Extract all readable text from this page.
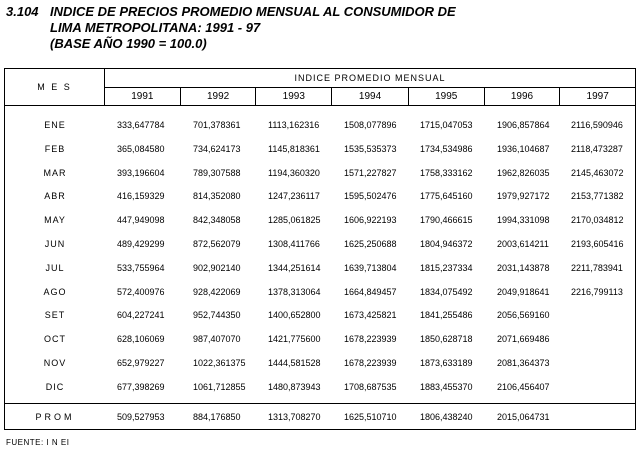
3.104 INDICE DE PRECIOS PROMEDIO MENSUAL AL CONSUMIDOR DE
LIMA METROPOLITANA: 1991 - 97
(BASE AÑO 1990 = 100.0)
M E S
INDICE PROMEDIO MENSUAL
1991	1992	1993	1994	1995	1996	1997
ENE	333,647784	701,378361	1113,162316	1508,077896	1715,047053	1906,857864 2116,590946
FEB	365,084580	734,624173	1145,818361	1535,535373	1734,534986	1936,104687 2118,473287
MAR	393,196604	789,307588	1194,360320	1571,227827	1758,333162	1962,826035 2145,463072
ABR	416,159329	814,352080	1247,236117	1595,502476	1775,645160	1979,927172 2153,771382
MAY	447,949098	842,348058	1285,061825	1606,922193	1790,466615	1994,331098 2170,034812
JUN	489,429299	872,562079	1308,411766	1625,250688	1804,946372	2003,614211 2193,605416
JUL	533,755964	902,902140	1344,251614	1639,713804	1815,237334	2031,143878 2211,783941
AGO	572,400976	928,422069	1378,313064	1664,849457	1834,075492	2049,918641 2216,799113
SET	604,227241	952,744350	1400,652800	1673,425821	1841,255486	2056,569160
OCT	628,106069	987,407070	1421,775600	1678,223939	1850,628718	2071,669486
NOV	652,979227	1022,361375 1444,581528	1678,223939	1873,633189	2081,364373
DIC	677,398269	1061,712855 1480,873943	1708,687535	1883,455370	2106,456407
PROM	509,527953	884,176850	1313,708270	1625,510710	1806,438240	2015,064731
FUENTE: I N EI
